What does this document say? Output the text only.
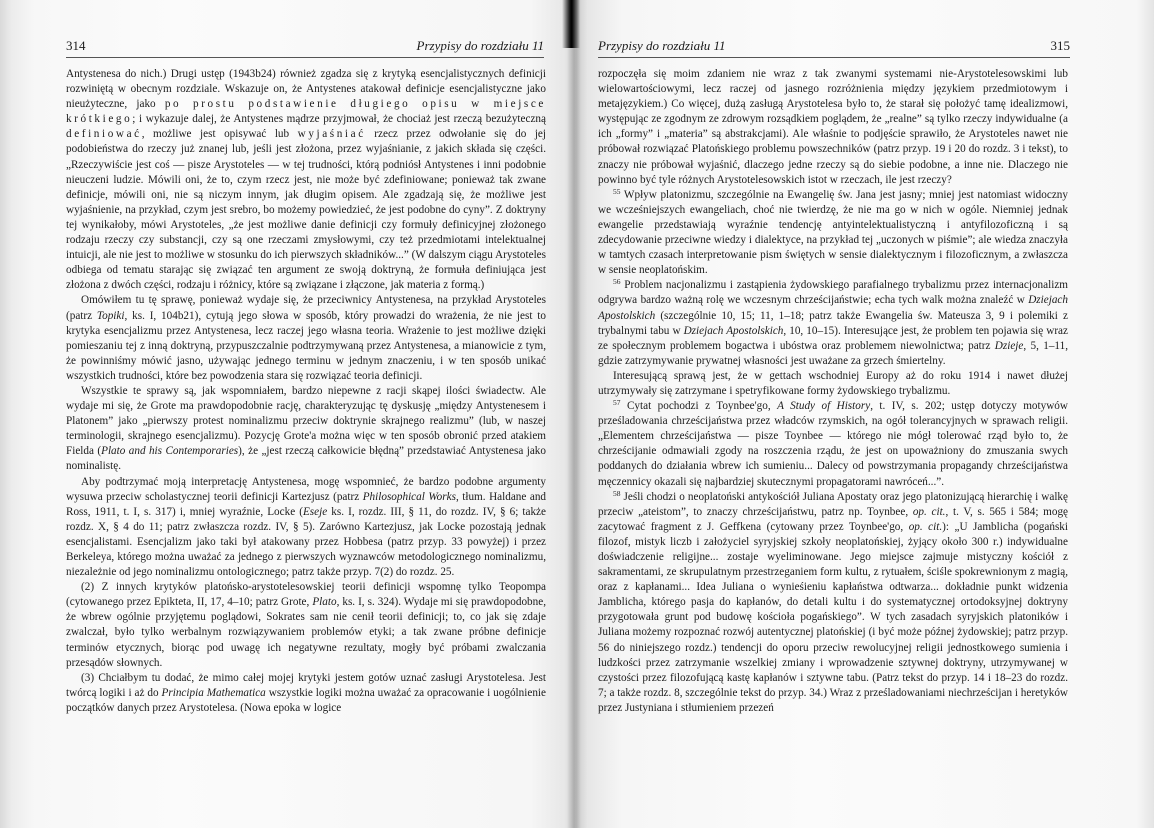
314	Przypisy do rozdziału 11

Antystenesa do nich.) Drugi ustęp (1943b24) również zgadza się z krytyką esencjalistycznych definicji rozwiniętą w obecnym rozdziale. Wskazuje on, że Antystenes atakował definicje esencjalistyczne jako nieużyteczne, jako po prostu podstawienie długiego opisu w miejsce krótkiego; i wykazuje dalej, że Antystenes mądrze przyjmował, że chociaż jest rzeczą bezużyteczną definiować, możliwe jest opisywać lub wyjaśniać rzecz przez odwołanie się do jej podobieństwa do rzeczy już znanej lub, jeśli jest złożona, przez wyjaśnianie, z jakich składa się części. „Rzeczywiście jest coś — pisze Arystoteles — w tej trudności, którą podniósł Antystenes i inni podobnie nieuczeni ludzie. Mówili oni, że to, czym rzecz jest, nie może być zdefiniowane; ponieważ tak zwane definicje, mówili oni, nie są niczym innym, jak długim opisem. Ale zgadzają się, że możliwe jest wyjaśnienie, na przykład, czym jest srebro, bo możemy powiedzieć, że jest podobne do cyny”. Z doktryny tej wynikałoby, mówi Arystoteles, „że jest możliwe danie definicji czy formuły definicyjnej złożonego rodzaju rzeczy czy substancji, czy są one rzeczami zmysłowymi, czy też przedmiotami intelektualnej intuicji, ale nie jest to możliwe w stosunku do ich pierwszych składników...” (W dalszym ciągu Arystoteles odbiega od tematu starając się związać ten argument ze swoją doktryną, że formuła definiująca jest złożona z dwóch części, rodzaju i różnicy, które są związane i złączone, jak materia z formą.)

Omówiłem tu tę sprawę, ponieważ wydaje się, że przeciwnicy Antystenesa, na przykład Arystoteles (patrz Topiki, ks. I, 104b21), cytują jego słowa w sposób, który prowadzi do wrażenia, że nie jest to krytyka esencjalizmu przez Antystenesa, lecz raczej jego własna teoria. Wrażenie to jest możliwe dzięki pomieszaniu tej z inną doktryną, przypuszczalnie podtrzymywaną przez Antystenesa, a mianowicie z tym, że powinniśmy mówić jasno, używając jednego terminu w jednym znaczeniu, i w ten sposób unikać wszystkich trudności, które bez powodzenia stara się rozwiązać teoria definicji.

Wszystkie te sprawy są, jak wspomniałem, bardzo niepewne z racji skąpej ilości świadectw. Ale wydaje mi się, że Grote ma prawdopodobnie rację, charakteryzując tę dyskusję „między Antystenesem i Platonem” jako „pierwszy protest nominalizmu przeciw doktrynie skrajnego realizmu” (lub, w naszej terminologii, skrajnego esencjalizmu). Pozycję Grote'a można więc w ten sposób obronić przed atakiem Fielda (Plato and his Contemporaries), że „jest rzeczą całkowicie błędną” przedstawiać Antystenesa jako nominalistę.

Aby podtrzymać moją interpretację Antystenesa, mogę wspomnieć, że bardzo podobne argumenty wysuwa przeciw scholastycznej teorii definicji Kartezjusz (patrz Philosophical Works, tłum. Haldane and Ross, 1911, t. I, s. 317) i, mniej wyraźnie, Locke (Eseje ks. I, rozdz. III, § 11, do rozdz. IV, § 6; także rozdz. X, § 4 do 11; patrz zwłaszcza rozdz. IV, § 5). Zarówno Kartezjusz, jak Locke pozostają jednak esencjalistami. Esencjalizm jako taki był atakowany przez Hobbesa (patrz przyp. 33 powyżej) i przez Berkeleya, którego można uważać za jednego z pierwszych wyznawców metodologicznego nominalizmu, niezależnie od jego nominalizmu ontologicznego; patrz także przyp. 7(2) do rozdz. 25.

(2) Z innych krytyków platońsko-arystotelesowskiej teorii definicji wspomnę tylko Teopompa (cytowanego przez Epikteta, II, 17, 4–10; patrz Grote, Plato, ks. I, s. 324). Wydaje mi się prawdopodobne, że wbrew ogólnie przyjętemu poglądowi, Sokrates sam nie cenił teorii definicji; to, co jak się zdaje zwalczał, było tylko werbalnym rozwiązywaniem problemów etyki; a tak zwane próbne definicje terminów etycznych, biorąc pod uwagę ich negatywne rezultaty, mogły być próbami zwalczania przesądów słownych.

(3) Chciałbym tu dodać, że mimo całej mojej krytyki jestem gotów uznać zasługi Arystotelesa. Jest twórcą logiki i aż do Principia Mathematica wszystkie logiki można uważać za opracowanie i uogólnienie początków danych przez Arystotelesa. (Nowa epoka w logice

Przypisy do rozdziału 11	315

rozpoczęła się moim zdaniem nie wraz z tak zwanymi systemami nie-Arystotelesowskimi lub wielowartościowymi, lecz raczej od jasnego rozróżnienia między językiem przedmiotowym i metajęzykiem.) Co więcej, dużą zasługą Arystotelesa było to, że starał się położyć tamę idealizmowi, występując ze zgodnym ze zdrowym rozsądkiem poglądem, że „realne” są tylko rzeczy indywidualne (a ich „formy” i „materia” są abstrakcjami). Ale właśnie to podjęście sprawiło, że Arystoteles nawet nie próbował rozwiązać Platońskiego problemu powszechników (patrz przyp. 19 i 20 do rozdz. 3 i tekst), to znaczy nie próbował wyjaśnić, dlaczego jedne rzeczy są do siebie podobne, a inne nie. Dlaczego nie powinno być tyle różnych Arystotelesowskich istot w rzeczach, ile jest rzeczy?

$^{55}$ Wpływ platonizmu, szczególnie na Ewangelię św. Jana jest jasny; mniej jest natomiast widoczny we wcześniejszych ewangeliach, choć nie twierdzę, że nie ma go w nich w ogóle. Niemniej jednak ewangelie przedstawiają wyraźnie tendencję antyintelektualistyczną i antyfilozoficzną i są zdecydowanie przeciwne wiedzy i dialektyce, na przykład tej „uczonych w piśmie”; ale wiedza znaczyła w tamtych czasach interpretowanie pism świętych w sensie dialektycznym i filozoficznym, a zwłaszcza w sensie neoplatońskim.

$^{56}$ Problem nacjonalizmu i zastąpienia żydowskiego parafialnego trybalizmu przez internacjonalizm odgrywa bardzo ważną rolę we wczesnym chrześcijaństwie; echa tych walk można znaleźć w Dziejach Apostolskich (szczególnie 10, 15; 11, 1–18; patrz także Ewangelia św. Mateusza 3, 9 i polemiki z trybalnymi tabu w Dziejach Apostolskich, 10, 10–15). Interesujące jest, że problem ten pojawia się wraz ze społecznym problemem bogactwa i ubóstwa oraz problemem niewolnictwa; patrz Dzieje, 5, 1–11, gdzie zatrzymywanie prywatnej własności jest uważane za grzech śmiertelny.

Interesującą sprawą jest, że w gettach wschodniej Europy aż do roku 1914 i nawet dłużej utrzymywały się zatrzymane i spetryfikowane formy żydowskiego trybalizmu.

$^{57}$ Cytat pochodzi z Toynbee'go, A Study of History, t. IV, s. 202; ustęp dotyczy motywów prześladowania chrześcijaństwa przez władców rzymskich, na ogół tolerancyjnych w sprawach religii. „Elementem chrześcijaństwa — pisze Toynbee — którego nie mógł tolerować rząd było to, że chrześcijanie odmawiali zgody na roszczenia rządu, że jest on upoważniony do zmuszania swych poddanych do działania wbrew ich sumieniu... Dalecy od powstrzymania propagandy chrześcijaństwa męczennicy okazali się najbardziej skutecznymi propagatorami nawróceń...”.

$^{58}$ Jeśli chodzi o neoplatoński antykościół Juliana Apostaty oraz jego platonizującą hierarchię i walkę przeciw „ateistom”, to znaczy chrześcijaństwu, patrz np. Toynbee, op. cit., t. V, s. 565 i 584; mogę zacytować fragment z J. Geffkena (cytowany przez Toynbee'go, op. cit.): „U Jamblicha (pogański filozof, mistyk liczb i założyciel syryjskiej szkoły neoplatońskiej, żyjący około 300 r.) indywidualne doświadczenie religijne... zostaje wyeliminowane. Jego miejsce zajmuje mistyczny kościół z sakramentami, ze skrupulatnym przestrzeganiem form kultu, z rytuałem, ściśle spokrewnionym z magią, oraz z kapłanami... Idea Juliana o wynieśieniu kapłaństwa odtwarza... dokładnie punkt widzenia Jamblicha, którego pasja do kapłanów, do detali kultu i do systematycznej ortodoksyjnej doktryny przygotowała grunt pod budowę kościoła pogańskiego”. W tych zasadach syryjskich platoników i Juliana możemy rozpoznać rozwój autentycznej platońskiej (i być może późnej żydowskiej; patrz przyp. 56 do niniejszego rozdz.) tendencji do oporu przeciw rewolucyjnej religii jednostkowego sumienia i ludzkości przez zatrzymanie wszelkiej zmiany i wprowadzenie sztywnej doktryny, utrzymywanej w czystości przez filozofującą kastę kapłanów i sztywne tabu. (Patrz tekst do przyp. 14 i 18–23 do rozdz. 7; a także rozdz. 8, szczególnie tekst do przyp. 34.) Wraz z prześladowaniami niechrześcijan i heretyków przez Justyniana i stłumieniem przezeń
